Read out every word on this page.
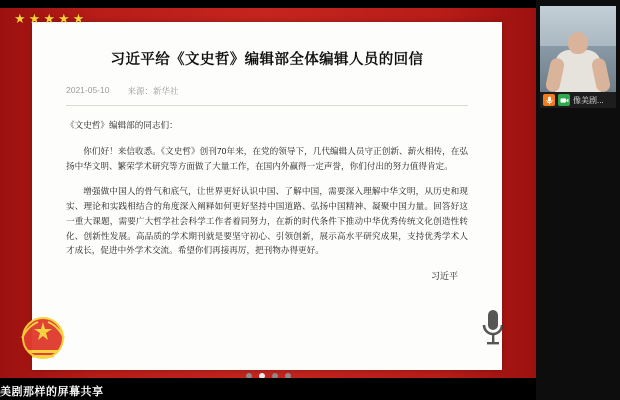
★ ★ ★ ★ ★
习近平给《文史哲》编辑部全体编辑人员的回信
2021-05-10 来源：新华社

《文史哲》编辑部的同志们：

你们好！来信收悉。《文史哲》创刊70年来，在党的领导下，几代编辑人员守正创新、薪火相传，在弘扬中华文明、繁荣学术研究等方面做了大量工作，在国内外赢得一定声誉，你们付出的努力值得肯定。

增强做中国人的骨气和底气，让世界更好认识中国、了解中国，需要深入理解中华文明，从历史和现实、理论和实践相结合的角度深入阐释如何更好坚持中国道路、弘扬中国精神、凝聚中国力量。回答好这一重大课题，需要广大哲学社会科学工作者着同努力，在新的时代条件下推动中华优秀传统文化创造性转化、创新性发展。高品质的学术期刊就是要坚守初心、引领创新，展示高水平研究成果，支持优秀学术人才成长，促进中外学术交流。希望你们再接再厉，把刊物办得更好。

习近平
美剧那样的屏幕共享
像美剧...
